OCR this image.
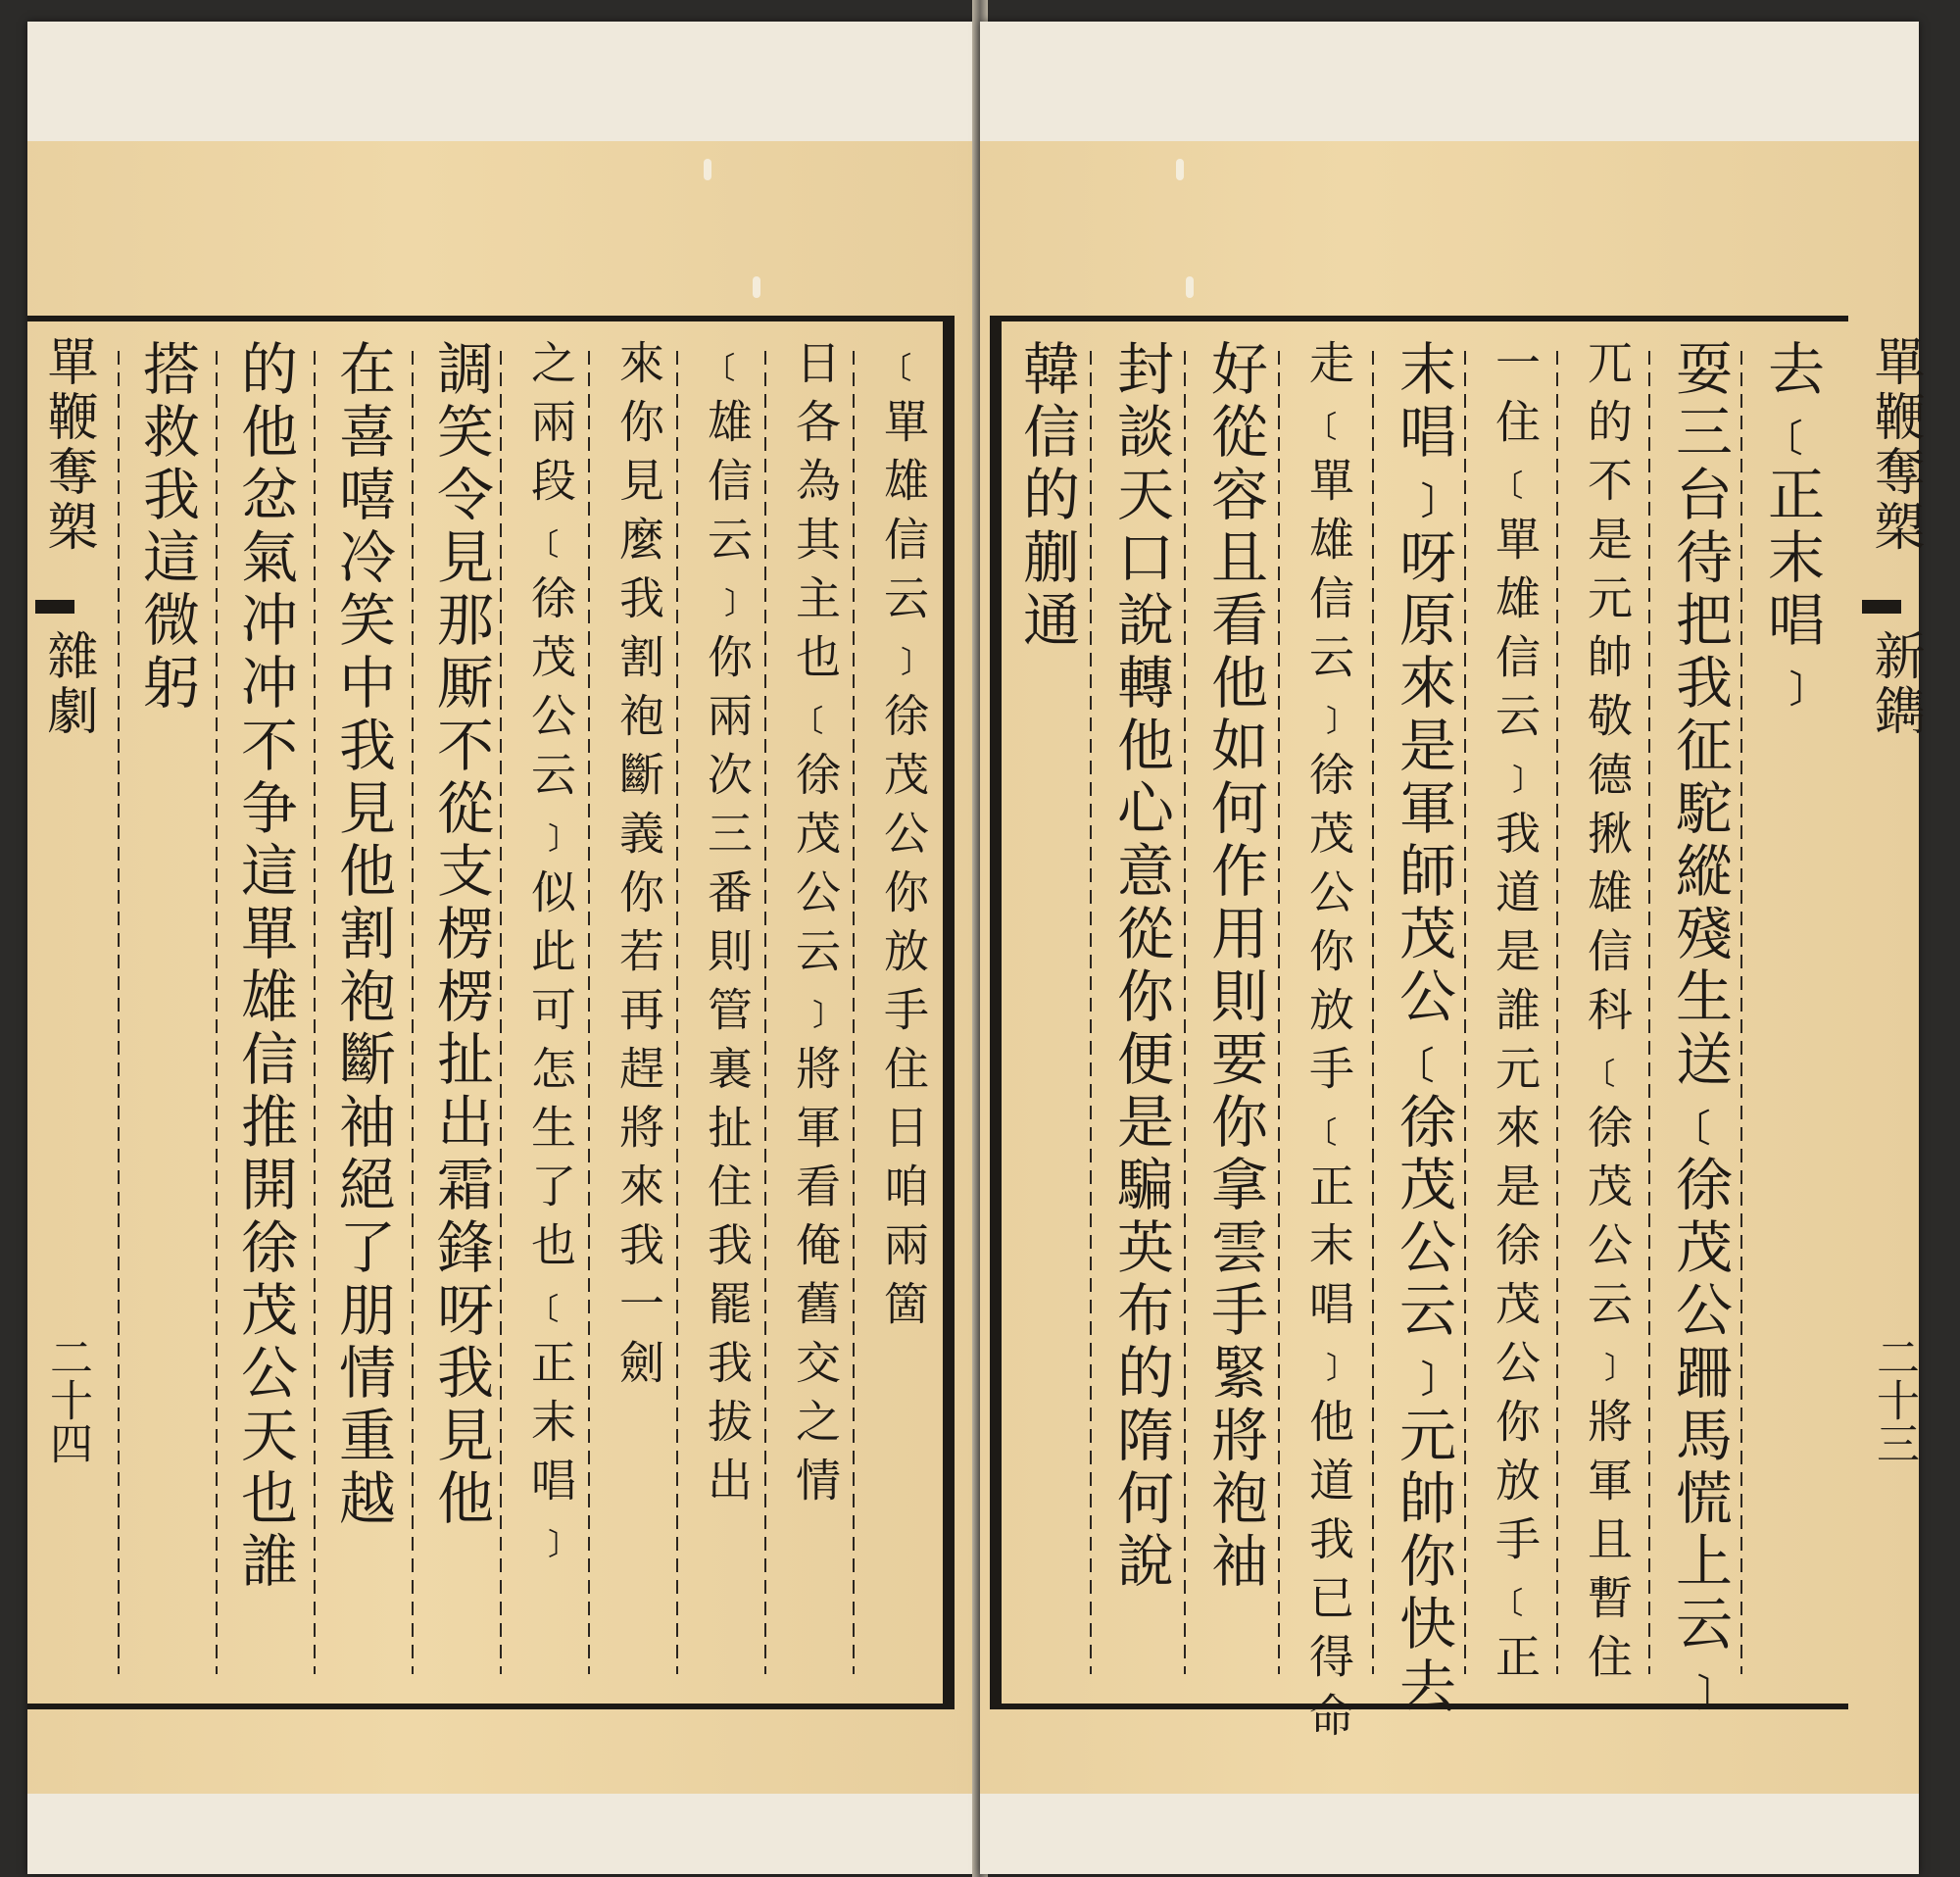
﹝單雄信云﹞徐茂公你放手住日咱兩箇
日各為其主也﹝徐茂公云﹞將軍看俺舊交之情
﹝雄信云﹞你兩次三番則管裏扯住我罷我拔出
來你見麼我割袍斷義你若再趕將來我一劍
之兩段﹝徐茂公云﹞似此可怎生了也﹝正末唱﹞
調笑令見那厮不從支楞楞扯出霜鋒呀我見他
在喜嘻冷笑中我見他割袍斷袖絕了朋情重越
的他忿氣冲冲不争這單雄信推開徐茂公天也誰
搭救我這微躬
單鞭奪槊
雜劇
二十四
去﹝正末唱﹞
耍三台待把我征駝縱殘生送﹝徐茂公跚馬慌上云﹞
兀的不是元帥敬德揪雄信科﹝徐茂公云﹞將軍且暫住
一住﹝單雄信云﹞我道是誰元來是徐茂公你放手﹝正
末唱﹞呀原來是軍師茂公﹝徐茂公云﹞元帥你快去
走﹝單雄信云﹞徐茂公你放手﹝正末唱﹞他道我已得命
好從容且看他如何作用則要你拿雲手緊將袍袖
封談天口說轉他心意從你便是騙英布的隋何說
韓信的蒯通	單鞭奪槊
新鐫
二十三
